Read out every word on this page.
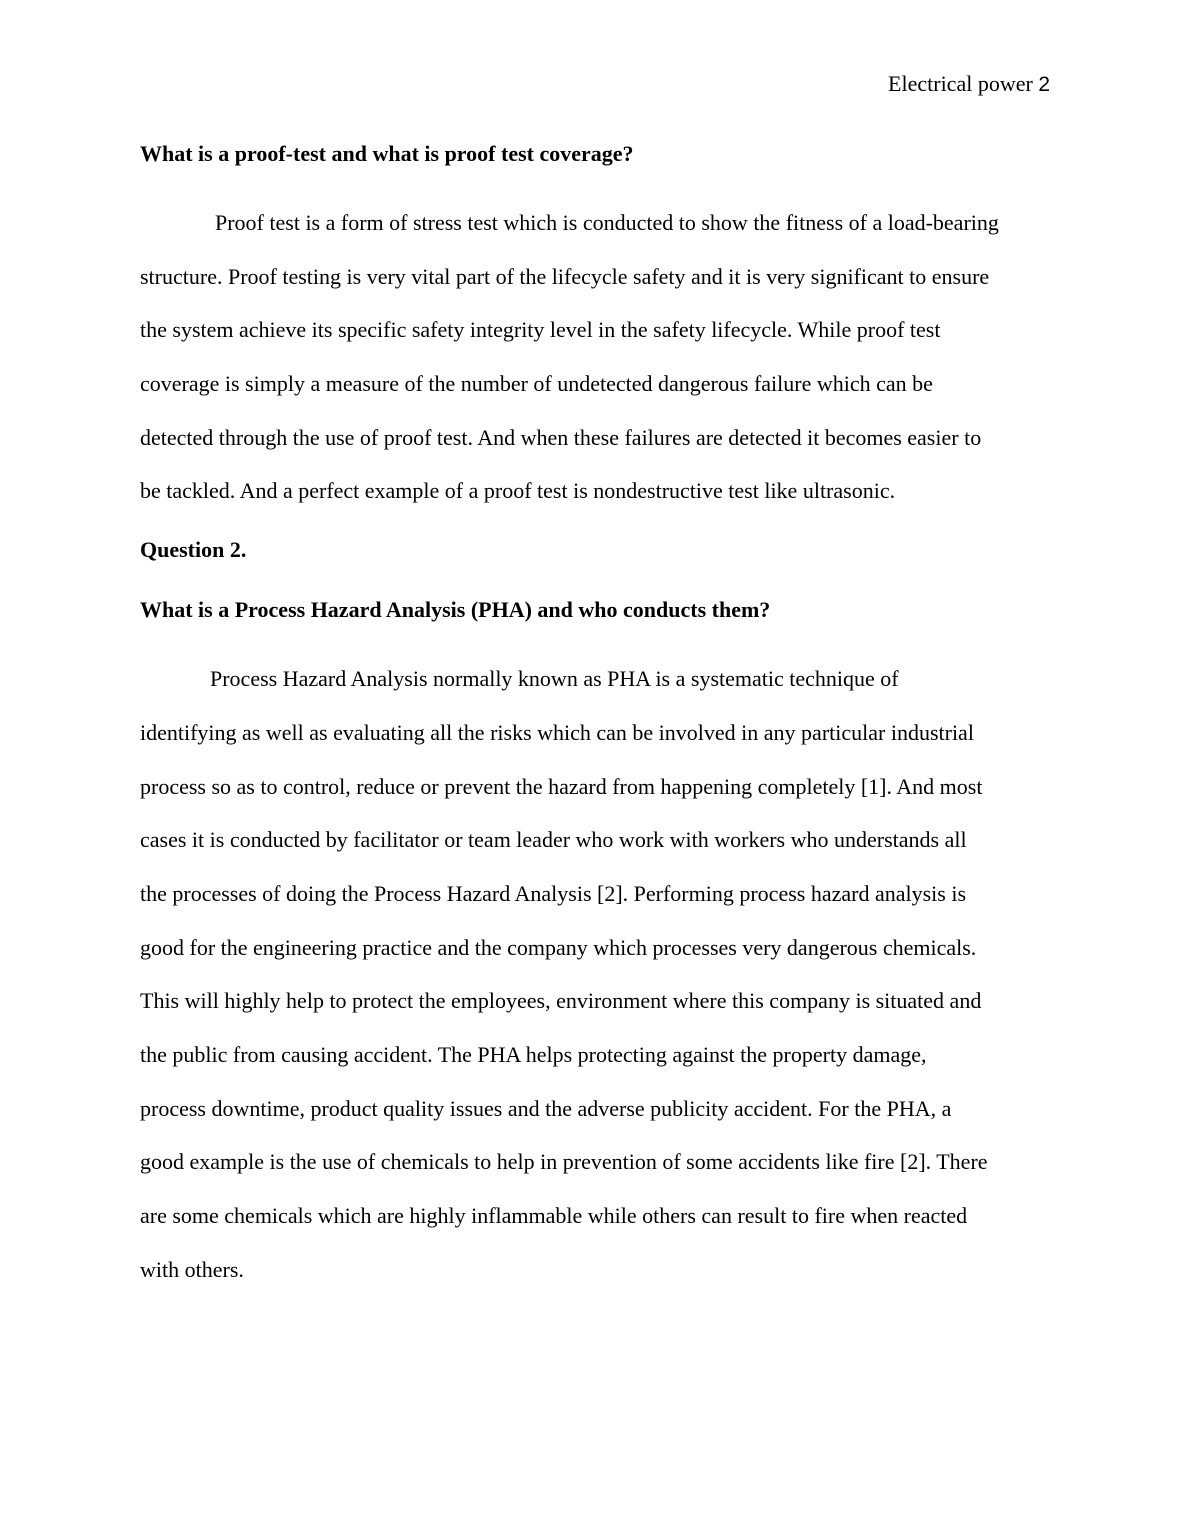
Electrical power 2
What is a proof-test and what is proof test coverage?
Proof test is a form of stress test which is conducted to show the fitness of a load-bearing
structure. Proof testing is very vital part of the lifecycle safety and it is very significant to ensure
the system achieve its specific safety integrity level in the safety lifecycle. While proof test
coverage is simply a measure of the number of undetected dangerous failure which can be
detected through the use of proof test. And when these failures are detected it becomes easier to
be tackled. And a perfect example of a proof test is nondestructive test like ultrasonic.
Question 2.
What is a Process Hazard Analysis (PHA) and who conducts them?
Process Hazard Analysis normally known as PHA is a systematic technique of
identifying as well as evaluating all the risks which can be involved in any particular industrial
process so as to control, reduce or prevent the hazard from happening completely [1]. And most
cases it is conducted by facilitator or team leader who work with workers who understands all
the processes of doing the Process Hazard Analysis [2]. Performing process hazard analysis is
good for the engineering practice and the company which processes very dangerous chemicals.
This will highly help to protect the employees, environment where this company is situated and
the public from causing accident. The PHA helps protecting against the property damage,
process downtime, product quality issues and the adverse publicity accident. For the PHA, a
good example is the use of chemicals to help in prevention of some accidents like fire [2]. There
are some chemicals which are highly inflammable while others can result to fire when reacted
with others.
